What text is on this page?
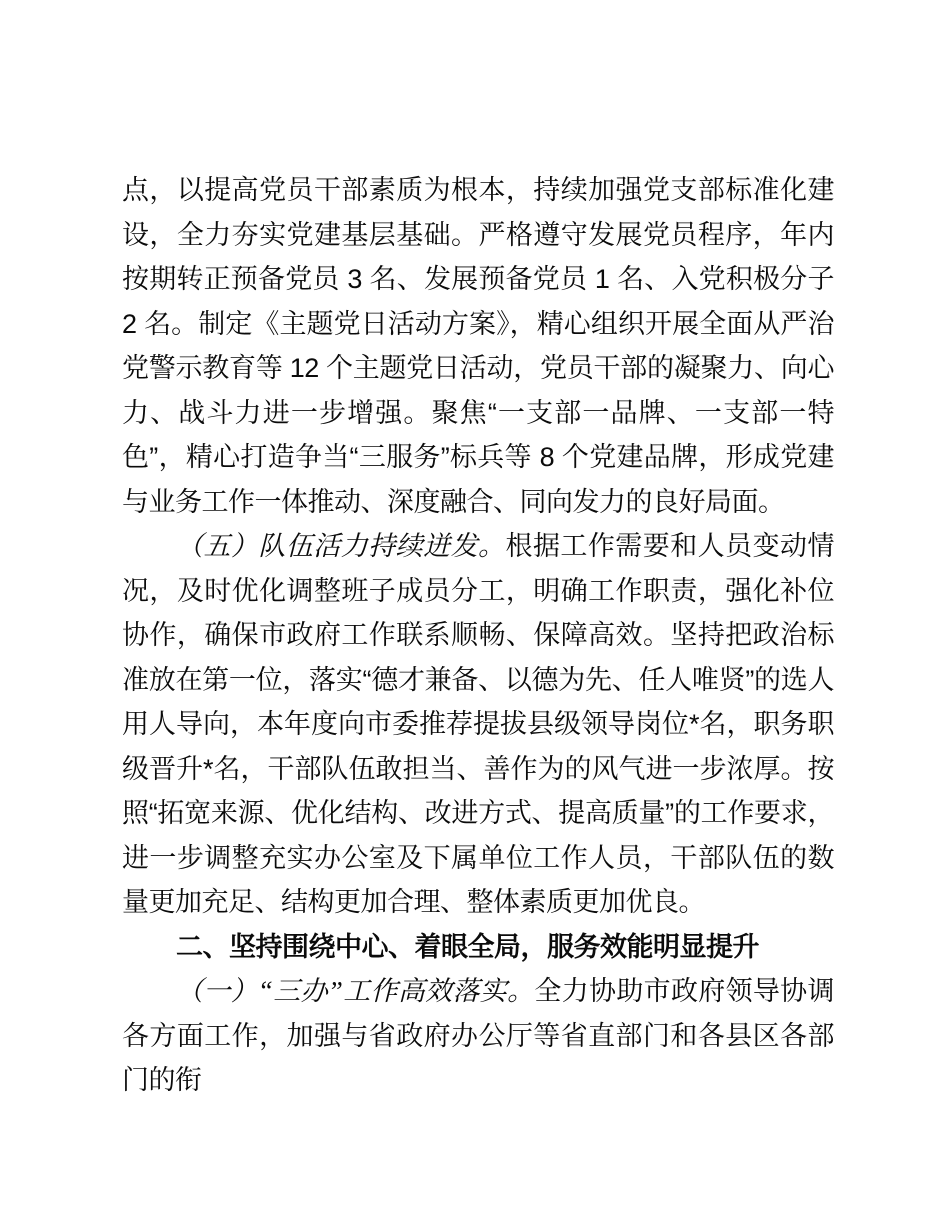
点，以提高党员干部素质为根本，持续加强党支部标准化建设，全力夯实党建基层基础。严格遵守发展党员程序，年内按期转正预备党员 3 名、发展预备党员 1 名、入党积极分子 2 名。制定《主题党日活动方案》，精心组织开展全面从严治党警示教育等 12 个主题党日活动，党员干部的凝聚力、向心力、战斗力进一步增强。聚焦“一支部一品牌、一支部一特色”，精心打造争当“三服务”标兵等 8 个党建品牌，形成党建与业务工作一体推动、深度融合、同向发力的良好局面。

（五）队伍活力持续迸发。根据工作需要和人员变动情况，及时优化调整班子成员分工，明确工作职责，强化补位协作，确保市政府工作联系顺畅、保障高效。坚持把政治标准放在第一位，落实“德才兼备、以德为先、任人唯贤”的选人用人导向，本年度向市委推荐提拔县级领导岗位*名，职务职级晋升*名，干部队伍敢担当、善作为的风气进一步浓厚。按照“拓宽来源、优化结构、改进方式、提高质量”的工作要求，进一步调整充实办公室及下属单位工作人员，干部队伍的数量更加充足、结构更加合理、整体素质更加优良。

二、坚持围绕中心、着眼全局，服务效能明显提升

（一）“三办”工作高效落实。全力协助市政府领导协调各方面工作，加强与省政府办公厅等省直部门和各县区各部门的衔
